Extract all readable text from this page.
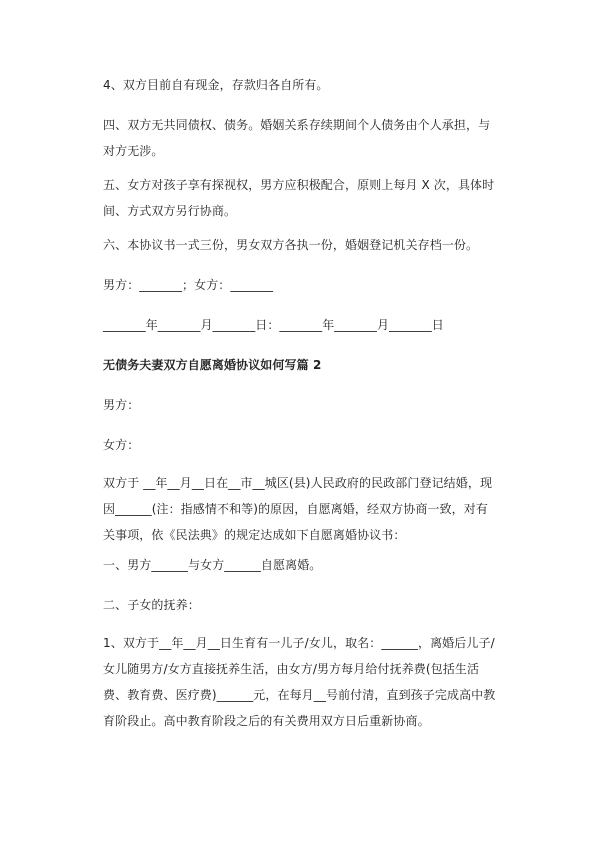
4、双方目前自有现金，存款归各自所有。
四、双方无共同债权、债务。婚姻关系存续期间个人债务由个人承担，与对方无涉。
五、女方对孩子享有探视权，男方应积极配合，原则上每月 X 次，具体时间、方式双方另行协商。
六、本协议书一式三份，男女双方各执一份，婚姻登记机关存档一份。
男方：_______；女方：_______
_______年_______月_______日：_______年_______月_______日
无债务夫妻双方自愿离婚协议如何写篇 2
男方：
女方：
双方于 __年__月__日在__市__城区(县)人民政府的民政部门登记结婚，现因______(注：指感情不和等)的原因，自愿离婚，经双方协商一致，对有关事项，依《民法典》的规定达成如下自愿离婚协议书：
一、男方______与女方______自愿离婚。
二、子女的抚养：
1、双方于__年__月__日生育有一儿子/女儿，取名：______，离婚后儿子/女儿随男方/女方直接抚养生活，由女方/男方每月给付抚养费(包括生活费、教育费、医疗费)______元，在每月__号前付清，直到孩子完成高中教育阶段止。高中教育阶段之后的有关费用双方日后重新协商。
